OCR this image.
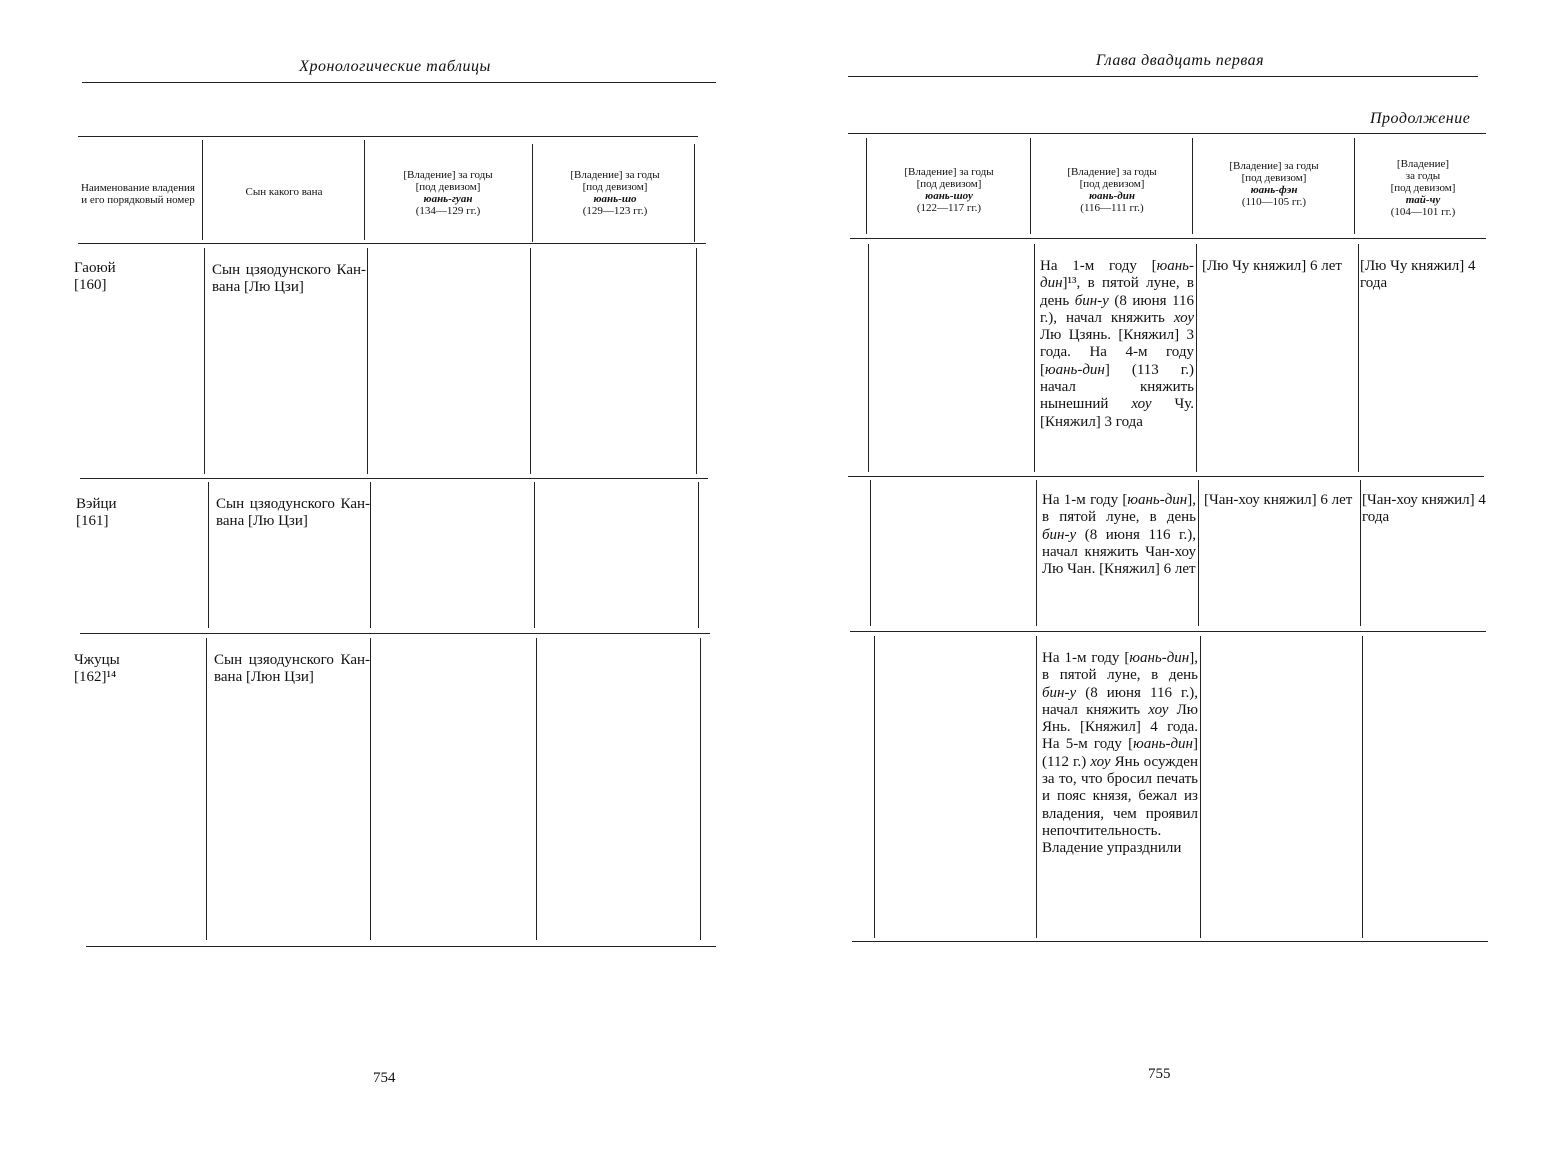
Хронологические таблицы
Наименование владения и его порядковый номер
Сын какого вана
[Владение] за годы
[под девизом]
юань-гуан
(134—129 гг.)
[Владение] за годы
[под девизом]
юань-шо
(129—123 гг.)
Гаоюй [160]
Сын цзяодунского Кан-вана [Лю Цзи]
Вэйци [161]
Сын цзяодунского Кан-вана [Лю Цзи]
Чжуцы [162]¹⁴
Сын цзяодунского Кан-вана [Люн Цзи]
754
Глава двадцать первая
Продолжение
[Владение] за годы
[под девизом]
юань-шоу
(122—117 гг.)
[Владение] за годы
[под девизом]
юань-дин
(116—111 гг.)
[Владение] за годы
[под девизом]
юань-фэн
(110—105 гг.)
[Владение]
за годы
[под девизом]
тай-чу
(104—101 гг.)
На 1-м году [юань-дин]¹³, в пятой луне, в день бин-у (8 июня 116 г.), начал княжить хоу Лю Цзянь. [Княжил] 3 года. На 4-м году [юань-дин] (113 г.) начал княжить нынешний хоу Чу. [Княжил] 3 года
[Лю Чу княжил] 6 лет	[Лю Чу княжил] 4 года
На 1-м году [юань-дин], в пятой луне, в день бин-у (8 июня 116 г.), начал княжить Чан-хоу Лю Чан. [Княжил] 6 лет
[Чан-хоу княжил] 6 лет [Чан-хоу княжил] 4 года
На 1-м году [юань-дин], в пятой луне, в день бин-у (8 июня 116 г.), начал княжить хоу Лю Янь. [Княжил] 4 года. На 5-м году [юань-дин] (112 г.) хоу Янь осужден за то, что бросил печать и пояс князя, бежал из владения, чем проявил непочтительность. Владение упразднили
755
